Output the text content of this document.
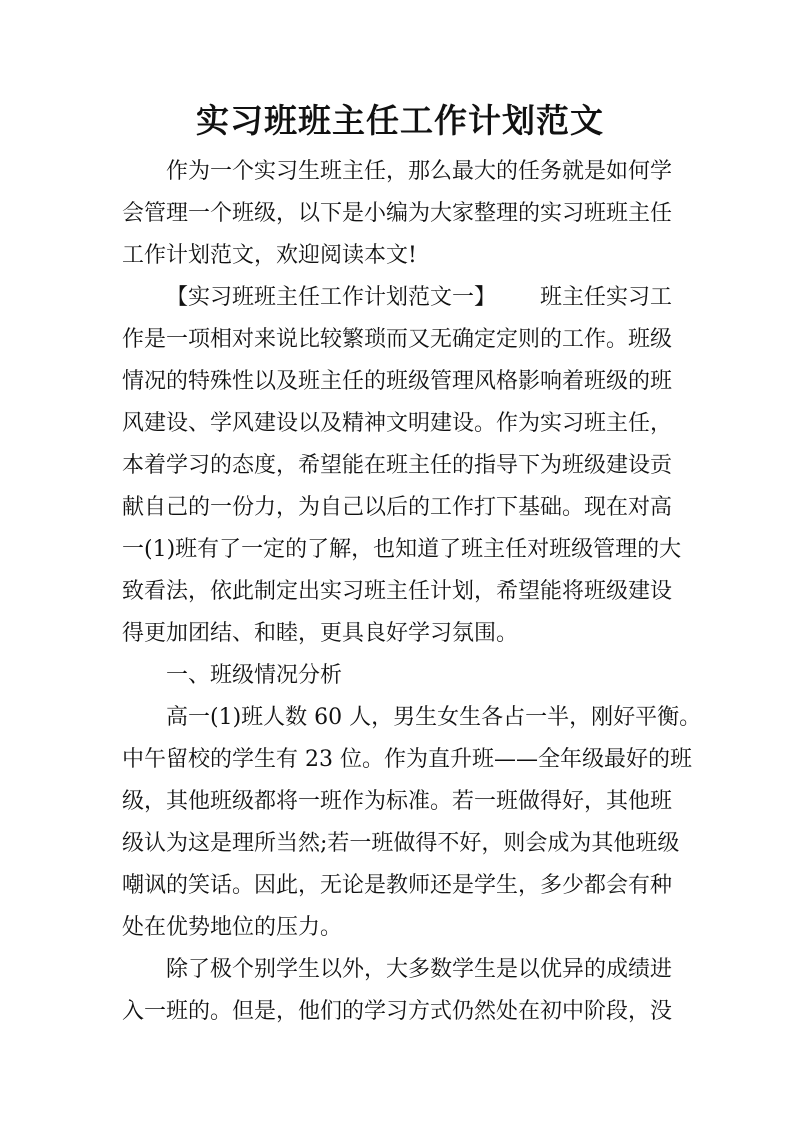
实习班班主任工作计划范文
作为一个实习生班主任，那么最大的任务就是如何学
会管理一个班级，以下是小编为大家整理的实习班班主任
工作计划范文，欢迎阅读本文!
【实习班班主任工作计划范文一】 班主任实习工
作是一项相对来说比较繁琐而又无确定定则的工作。班级
情况的特殊性以及班主任的班级管理风格影响着班级的班
风建设、学风建设以及精神文明建设。作为实习班主任，
本着学习的态度，希望能在班主任的指导下为班级建设贡
献自己的一份力，为自己以后的工作打下基础。现在对高
一(1)班有了一定的了解，也知道了班主任对班级管理的大
致看法，依此制定出实习班主任计划，希望能将班级建设
得更加团结、和睦，更具良好学习氛围。
一、班级情况分析
高一(1)班人数 60 人，男生女生各占一半，刚好平衡。
中午留校的学生有 23 位。作为直升班——全年级最好的班
级，其他班级都将一班作为标准。若一班做得好，其他班
级认为这是理所当然;若一班做得不好，则会成为其他班级
嘲讽的笑话。因此，无论是教师还是学生，多少都会有种
处在优势地位的压力。
除了极个别学生以外，大多数学生是以优异的成绩进
入一班的。但是，他们的学习方式仍然处在初中阶段，没
